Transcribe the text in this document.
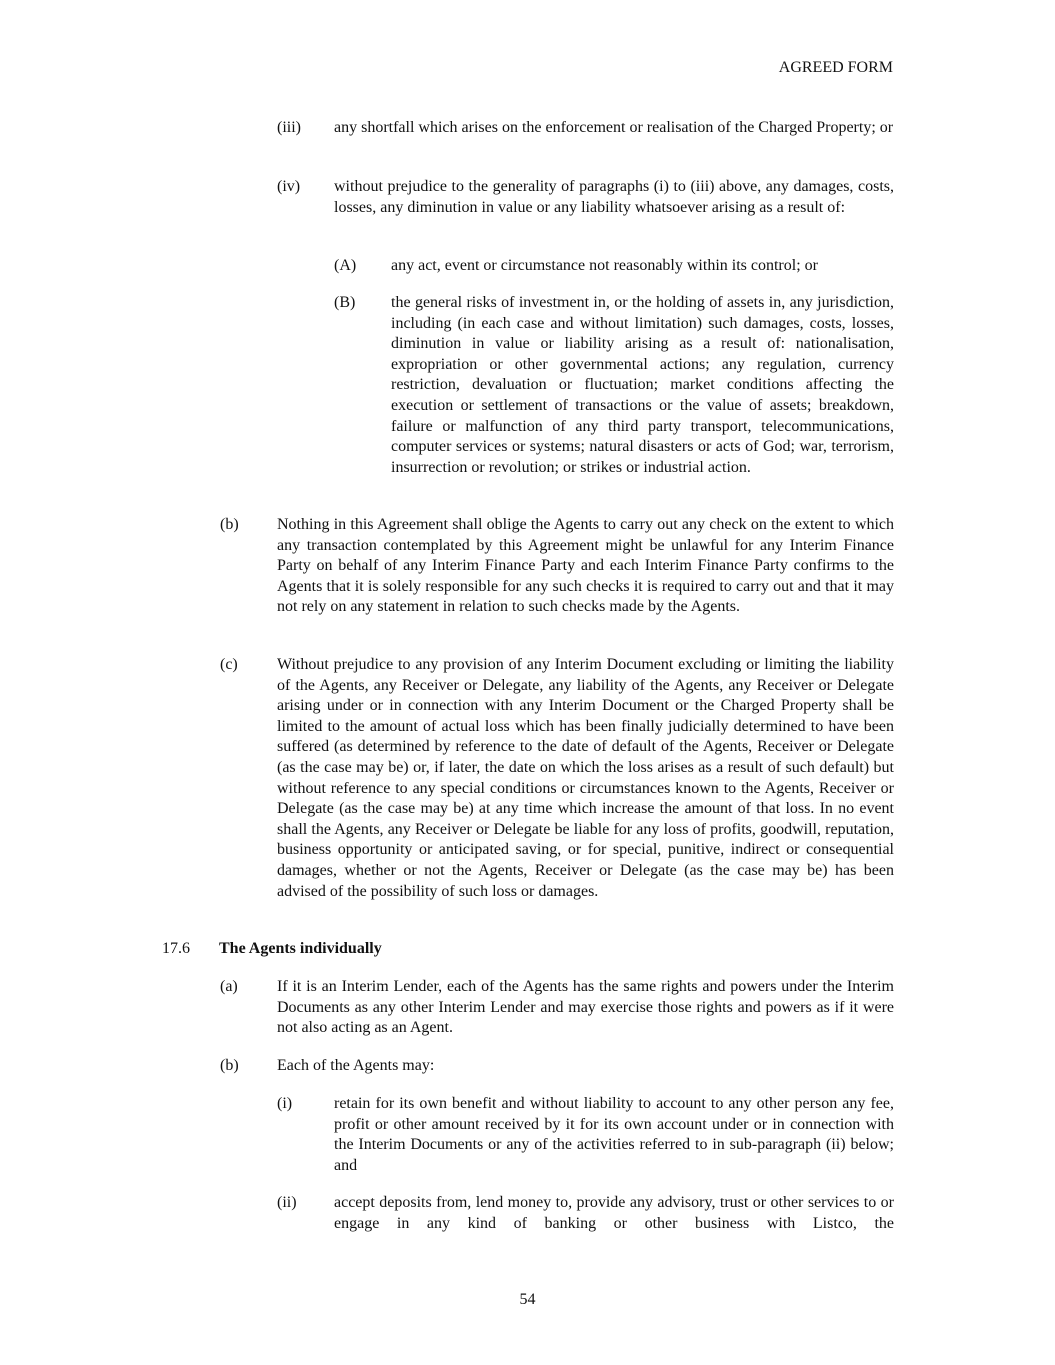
AGREED FORM
(iii) any shortfall which arises on the enforcement or realisation of the Charged Property; or
(iv) without prejudice to the generality of paragraphs (i) to (iii) above, any damages, costs, losses, any diminution in value or any liability whatsoever arising as a result of:
(A) any act, event or circumstance not reasonably within its control; or
(B) the general risks of investment in, or the holding of assets in, any jurisdiction, including (in each case and without limitation) such damages, costs, losses, diminution in value or liability arising as a result of: nationalisation, expropriation or other governmental actions; any regulation, currency restriction, devaluation or fluctuation; market conditions affecting the execution or settlement of transactions or the value of assets; breakdown, failure or malfunction of any third party transport, telecommunications, computer services or systems; natural disasters or acts of God; war, terrorism, insurrection or revolution; or strikes or industrial action.
(b) Nothing in this Agreement shall oblige the Agents to carry out any check on the extent to which any transaction contemplated by this Agreement might be unlawful for any Interim Finance Party on behalf of any Interim Finance Party and each Interim Finance Party confirms to the Agents that it is solely responsible for any such checks it is required to carry out and that it may not rely on any statement in relation to such checks made by the Agents.
(c) Without prejudice to any provision of any Interim Document excluding or limiting the liability of the Agents, any Receiver or Delegate, any liability of the Agents, any Receiver or Delegate arising under or in connection with any Interim Document or the Charged Property shall be limited to the amount of actual loss which has been finally judicially determined to have been suffered (as determined by reference to the date of default of the Agents, Receiver or Delegate (as the case may be) or, if later, the date on which the loss arises as a result of such default) but without reference to any special conditions or circumstances known to the Agents, Receiver or Delegate (as the case may be) at any time which increase the amount of that loss. In no event shall the Agents, any Receiver or Delegate be liable for any loss of profits, goodwill, reputation, business opportunity or anticipated saving, or for special, punitive, indirect or consequential damages, whether or not the Agents, Receiver or Delegate (as the case may be) has been advised of the possibility of such loss or damages.
17.6 The Agents individually
(a) If it is an Interim Lender, each of the Agents has the same rights and powers under the Interim Documents as any other Interim Lender and may exercise those rights and powers as if it were not also acting as an Agent.
(b) Each of the Agents may:
(i)	retain for its own benefit and without liability to account to any other person any fee, profit or other amount received by it for its own account under or in connection with the Interim Documents or any of the activities referred to in sub-paragraph (ii) below; and
(ii) accept deposits from, lend money to, provide any advisory, trust or other services to or engage in any kind of banking or other business with Listco, the
54
